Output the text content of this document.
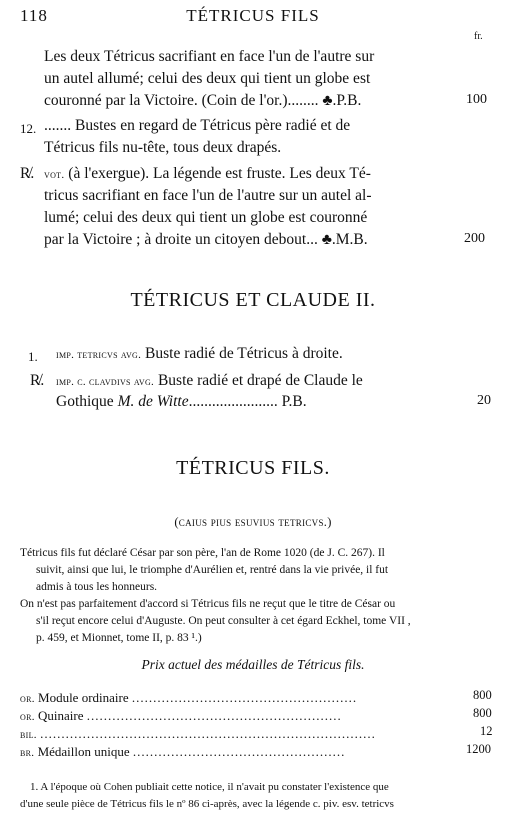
118	TÉTRICUS FILS
fr.
Les deux Tétricus sacrifiant en face l'un de l'autre sur
un autel allumé; celui des deux qui tient un globe est
couronné par la Victoire. (Coin de l'or.)........ ♣.P.B.	100
12. ....... Bustes en regard de Tétricus père radié et de
Tétricus fils nu-tête, tous deux drapés.
R̸. vot. (à l'exergue). La légende est fruste. Les deux Té-
tricus sacrifiant en face l'un de l'autre sur un autel al-
lumé; celui des deux qui tient un globe est couronné
par la Victoire ; à droite un citoyen debout... ♣.M.B.	200
TÉTRICUS ET CLAUDE II.
1. imp. tetricvs avg. Buste radié de Tétricus à droite.
R̸. imp. c. clavdivs avg. Buste radié et drapé de Claude le
Gothique M. de Witte....................... P.B.	20
TÉTRICUS FILS.
(caius pius esuvius tetricvs.)
Tétricus fils fut déclaré César par son père, l'an de Rome 1020 (de J. C. 267). Il
suivit, ainsi que lui, le triomphe d'Aurélien et, rentré dans la vie privée, il fut
admis à tous les honneurs.
On n'est pas parfaitement d'accord si Tétricus fils ne reçut que le titre de César ou
s'il reçut encore celui d'Auguste. On peut consulter à cet égard Eckhel, tome VII ,
p. 459, et Mionnet, tome II, p. 83 ¹.)
Prix actuel des médailles de Tétricus fils.
or. Module ordinaire .....................................................	800
or. Quinaire ............................................................	800
bil. ...............................................................................	12
br. Médaillon unique ..................................................	1200
1. A l'époque où Cohen publiait cette notice, il n'avait pu constater l'existence que
d'une seule pièce de Tétricus fils le nº 86 ci-après, avec la légende c. piv. esv. tetricvs
